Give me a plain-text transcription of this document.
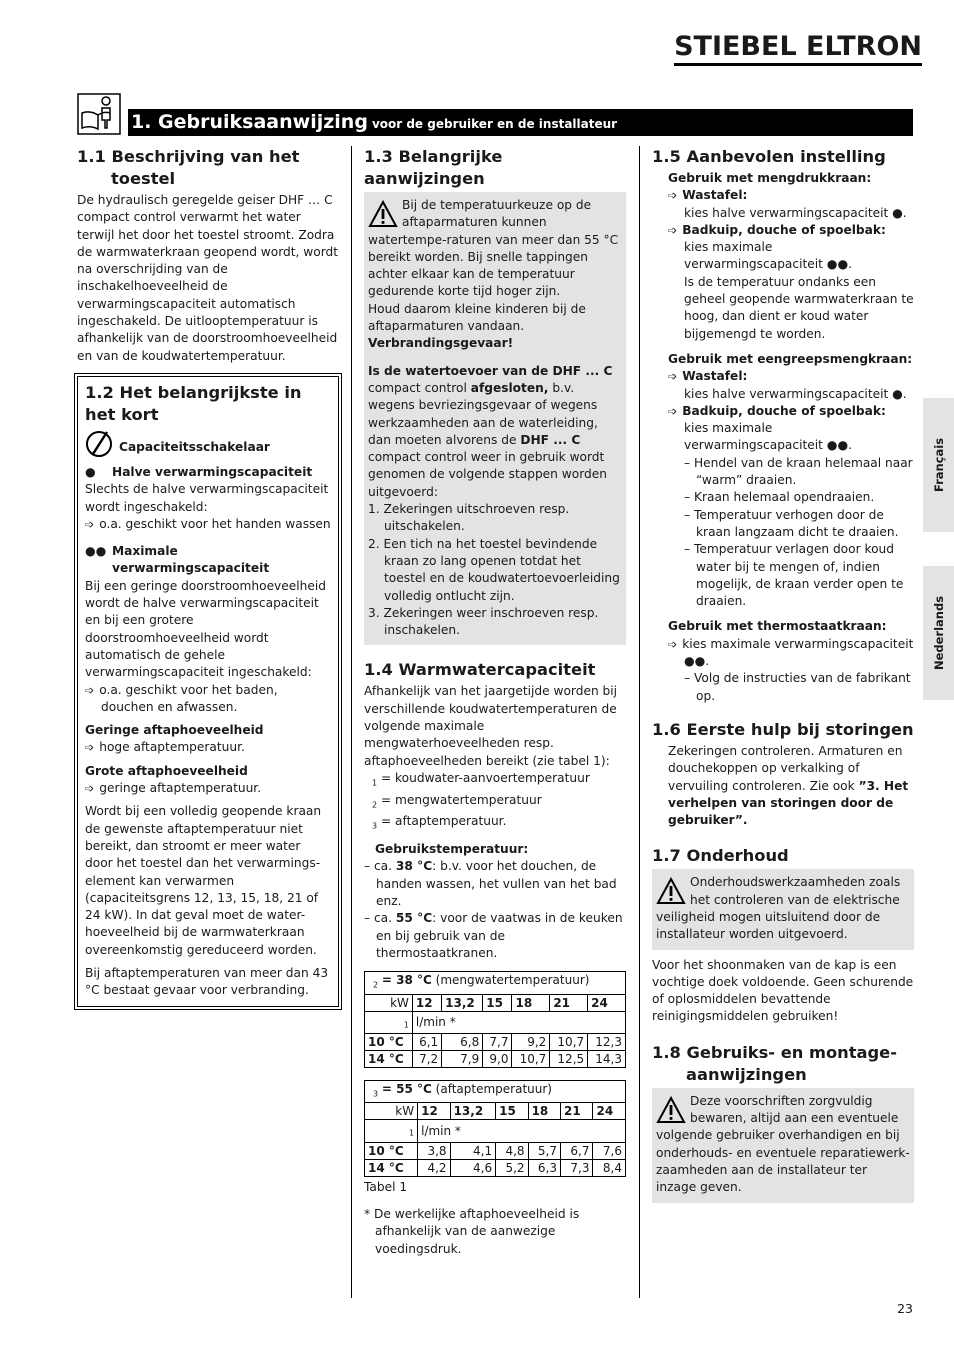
STIEBEL ELTRON
1. Gebruiksaanwijzing voor de gebruiker en de installateur
1.1 Beschrijving van het
toestel

De hydraulisch geregelde geiser DHF … C compact control verwarmt het water terwijl het door het toestel stroomt. Zodra de warmwaterkraan geopend wordt, wordt na overschrijding van de inschakelhoeveelheid de verwarmingscapaciteit automatisch ingeschakeld. De uitlooptemperatuur is afhankelijk van de doorstroomhoeveelheid en van de koudwatertemperatuur.

1.2 Het belangrijkste in het kort

Capaciteitsschakelaar

● Halve verwarmingscapaciteit

Slechts de halve verwarmingscapaciteit wordt ingeschakeld:

➩ o.a. geschikt voor het handen wassen

●● Maximale
verwarmingscapaciteit

Bij een geringe doorstroomhoeveelheid wordt de halve verwarmingscapaciteit en bij een grotere doorstroomhoeveelheid wordt automatisch de gehele verwarmingscapaciteit ingeschakeld:

➩ o.a. geschikt voor het baden, douchen en afwassen.

Geringe aftaphoeveelheid

➩ hoge aftaptemperatuur.

Grote aftaphoeveelheid

➩ geringe aftaptemperatuur.

Wordt bij een volledig geopende kraan de gewenste aftaptemperatuur niet bereikt, dan stroomt er meer water door het toestel dan het verwarmings-element kan verwarmen (capaciteitsgrens 12, 13, 15, 18, 21 of 24 kW). In dat geval moet de water-hoeveelheid bij de warmwaterkraan overeenkomstig gereduceerd worden.

Bij aftaptemperaturen van meer dan 43 °C bestaat gevaar voor verbranding.

1.3 Belangrijke aanwijzingen

Bij de temperatuurkeuze op de aftaparmaturen kunnen watertempe-raturen van meer dan 55 °C bereikt worden. Bij snelle tappingen achter elkaar kan de temperatuur gedurende korte tijd hoger zijn.

Houd daarom kleine kinderen bij de aftaparmaturen vandaan.

Verbrandingsgevaar!

Is de watertoevoer van de DHF ... C compact control afgesloten, b.v. wegens bevriezingsgevaar of wegens werkzaamheden aan de waterleiding, dan moeten alvorens de DHF ... C compact control weer in gebruik wordt genomen de volgende stappen worden uitgevoerd:

1. Zekeringen uitschroeven resp. uitschakelen.

2. Een tich na het toestel bevindende kraan zo lang openen totdat het toestel en de koudwatertoevoerleiding volledig ontlucht zijn.

3. Zekeringen weer inschroeven resp. inschakelen.

1.4 Warmwatercapaciteit

Afhankelijk van het jaargetijde worden bij verschillende koudwatertemperaturen de volgende maximale mengwaterhoeveelheden resp. aftaphoeveelheden bereikt (zie tabel 1):

$_1$ = koudwater-aanvoertemperatuur

$_2$ = mengwatertemperatuur

$_3$ = aftaptemperatuur.

Gebruikstemperatuur:

– ca. 38 °C: b.v. voor het douchen, de handen wassen, het vullen van het bad enz.

– ca. 55 °C: voor de vaatwas in de keuken en bij gebruik van de thermostaatkranen.

$_2$ = 38 °C (mengwatertemperatuur)						
kW	12	13,2	15	18	21	24
$_1$	l/min *					
10 °C	6,1	6,8	7,7	9,2	10,7	12,3
14 °C	7,2	7,9	9,0	10,7	12,5	14,3
$_3$ = 55 °C (aftaptemperatuur)						
kW	12	13,2	15	18	21	24
$_1$	l/min *					
10 °C	3,8	4,1	4,8	5,7	6,7	7,6
14 °C	4,2	4,6	5,2	6,3	7,3	8,4

Tabel 1

* De werkelijke aftaphoeveelheid is

afhankelijk van de aanwezige voedingsdruk.

1.5 Aanbevolen instelling

Gebruik met mengdrukkraan:

➩ Wastafel:

kies halve verwarmingscapaciteit ●.

➩ Badkuip, douche of spoelbak:

kies maximale verwarmingscapaciteit ●●.

Is de temperatuur ondanks een geheel geopende warmwaterkraan te hoog, dan dient er koud water bijgemengd te worden.

Gebruik met eengreepsmengkraan:

➩ Wastafel:

kies halve verwarmingscapaciteit ●.

➩ Badkuip, douche of spoelbak:

kies maximale verwarmingscapaciteit ●●.

– Hendel van de kraan helemaal naar “warm” draaien.

– Kraan helemaal opendraaien.

– Temperatuur verhogen door de kraan langzaam dicht te draaien.

– Temperatuur verlagen door koud water bij te mengen of, indien mogelijk, de kraan verder open te draaien.

Gebruik met thermostaatkraan:

➩ kies maximale verwarmingscapaciteit ●●.

– Volg de instructies van de fabrikant op.

1.6 Eerste hulp bij storingen

Zekeringen controleren. Armaturen en douchekoppen op verkalking of vervuiling controleren. Zie ook ”3. Het verhelpen van storingen door de gebruiker”.

1.7 Onderhoud

Onderhoudswerkzaamheden zoals het controleren van de elektrische veiligheid mogen uitsluitend door de installateur worden uitgevoerd.

Voor het shoonmaken van de kap is een vochtige doek voldoende. Geen schurende of oplosmiddelen bevattende reinigingsmiddelen gebruiken!

1.8 Gebruiks- en montage-
aanwijzingen

Deze voorschriften zorgvuldig bewaren, altijd aan een eventuele volgende gebruiker overhandigen en bij onderhouds- en eventuele reparatiewerk-zaamheden aan de installateur ter inzage geven.

Français
Nederlands
23
